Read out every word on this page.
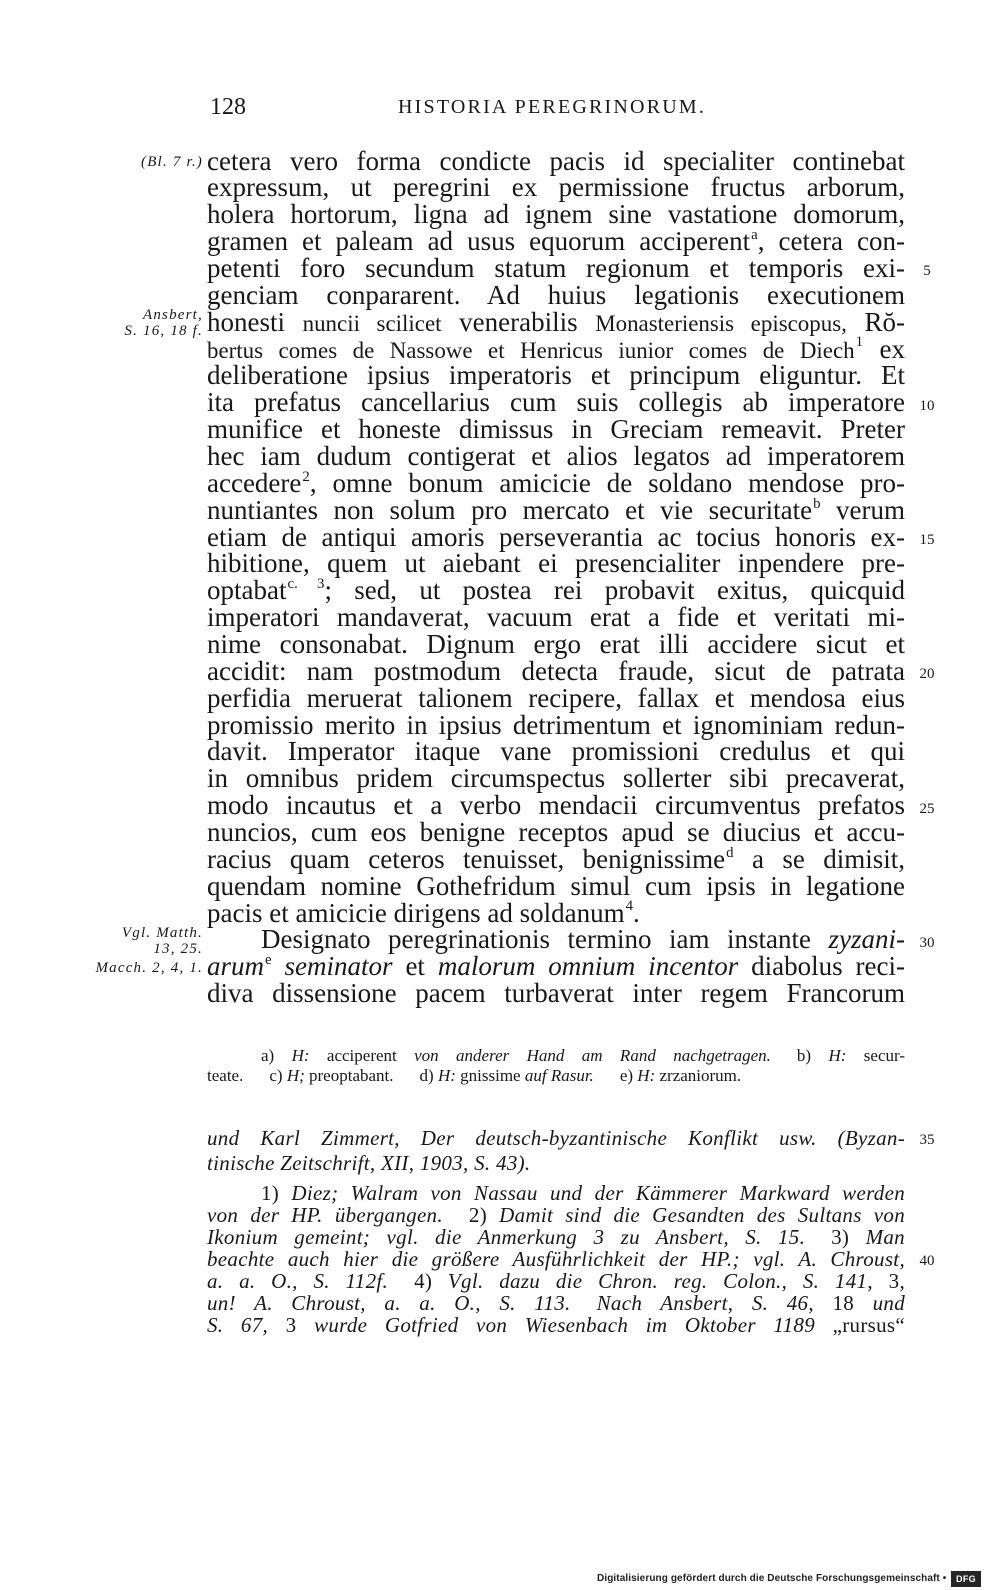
128	HISTORIA PEREGRINORUM.
cetera vero forma condicte pacis id specialiter continebat
(Bl. 7 r.)
expressum, ut peregrini ex permissione fructus arborum,
holera hortorum, ligna ad ignem sine vastatione domorum,
gramen et paleam ad usus equorum acciperent$^a$, cetera con-
petenti foro secundum statum regionum et temporis exi-	5
genciam conpararent. Ad huius legationis executionem
honesti nuncii scilicet venerabilis Monasteriensis episcopus, Rŏ-
Ansbert,
S. 16, 18 f.
bertus comes de Nassowe et Henricus iunior comes de Diech$^1$ ex
deliberatione ipsius imperatoris et principum eliguntur. Et
ita prefatus cancellarius cum suis collegis ab imperatore 10
munifice et honeste dimissus in Greciam remeavit. Preter
hec iam dudum contigerat et alios legatos ad imperatorem
accedere$^2$, omne bonum amicicie de soldano mendose pro-
nuntiantes non solum pro mercato et vie securitate$^b$ verum
etiam de antiqui amoris perseverantia ac tocius honoris ex- 15
hibitione, quem ut aiebant ei presencialiter inpendere pre-
optabat$^{c. 3}$; sed, ut postea rei probavit exitus, quicquid
imperatori mandaverat, vacuum erat a fide et veritati mi-
nime consonabat. Dignum ergo erat illi accidere sicut et
accidit: nam postmodum detecta fraude, sicut de patrata 20
perfidia meruerat talionem recipere, fallax et mendosa eius
promissio merito in ipsius detrimentum et ignominiam redun-
davit. Imperator itaque vane promissioni credulus et qui
in omnibus pridem circumspectus sollerter sibi precaverat,
modo incautus et a verbo mendacii circumventus prefatos 25
nuncios, cum eos benigne receptos apud se diucius et accu-
racius quam ceteros tenuisset, benignissime$^d$ a se dimisit,
quendam nomine Gothefridum simul cum ipsis in legatione
pacis et amicicie dirigens ad soldanum$^4$.
Designato peregrinationis termino iam instante zyzani- 30
Vgl. Matth.
13, 25.
arum$^e$ seminator et malorum omnium incentor diabolus reci-
Macch. 2, 4, 1.
diva dissensione pacem turbaverat inter regem Francorum
a) H: acciperent von anderer Hand am Rand nachgetragen. b) H: secur-
teate. c) H; preoptabant. d) H: gnissime auf Rasur. e) H: zrzaniorum.
und Karl Zimmert, Der deutsch-byzantinische Konflikt usw. (Byzan- 35
tinische Zeitschrift, XII, 1903, S. 43).
1) Diez; Walram von Nassau und der Kämmerer Markward werden
von der HP. übergangen. 2) Damit sind die Gesandten des Sultans von
Ikonium gemeint; vgl. die Anmerkung 3 zu Ansbert, S. 15. 3) Man
beachte auch hier die größere Ausführlichkeit der HP.; vgl. A. Chroust, 40
a. a. O., S. 112f. 4) Vgl. dazu die Chron. reg. Colon., S. 141, 3,
un! A. Chroust, a. a. O., S. 113. Nach Ansbert, S. 46, 18 und
S. 67, 3 wurde Gotfried von Wiesenbach im Oktober 1189 „rursus“
Digitalisierung gefördert durch die Deutsche Forschungsgemeinschaft •	DFG
